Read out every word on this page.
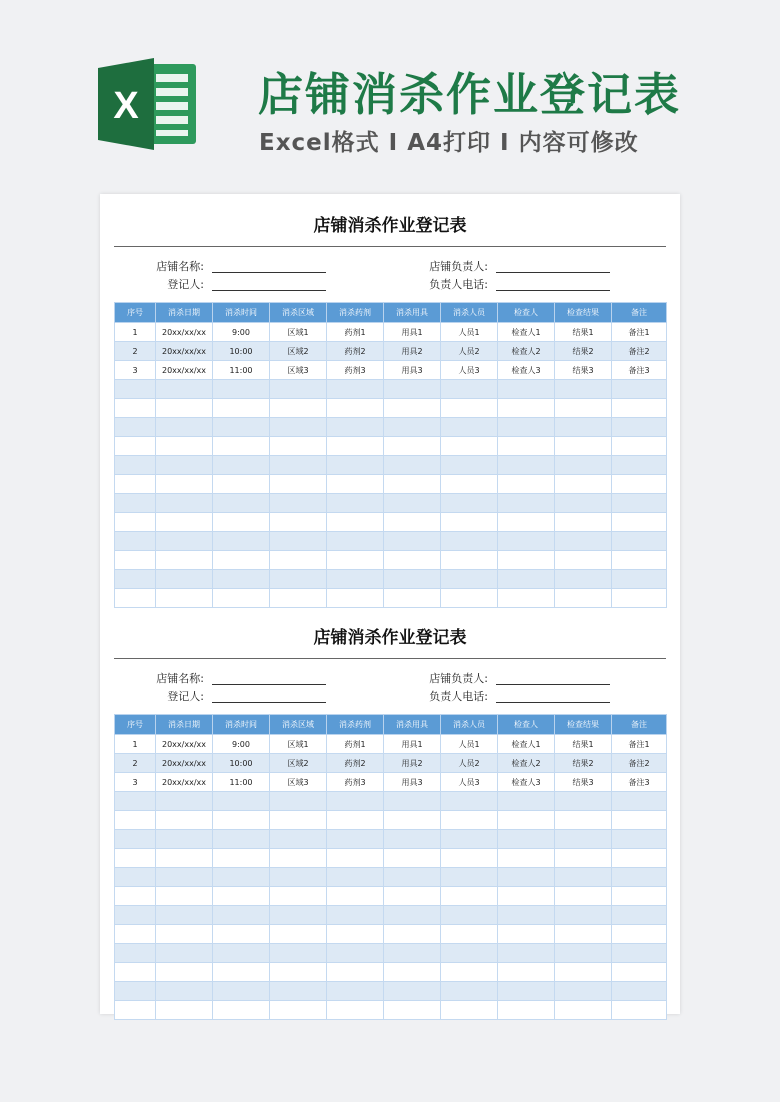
X	店铺消杀作业登记表
Excel格式 I A4打印 I 内容可修改
店铺消杀作业登记表
店铺名称:
登记人:
店铺负责人:
负责人电话:
序号	消杀日期	消杀时间	消杀区域	消杀药剂	消杀用具	消杀人员	检查人	检查结果	备注
1	20xx/xx/xx	9:00	区域1	药剂1	用具1	人员1	检查人1	结果1	备注1
2	20xx/xx/xx	10:00	区域2	药剂2	用具2	人员2	检查人2	结果2	备注2
3	20xx/xx/xx	11:00	区域3	药剂3	用具3	人员3	检查人3	结果3	备注3

店铺消杀作业登记表
店铺名称:
登记人:
店铺负责人:
负责人电话:
序号	消杀日期	消杀时间	消杀区域	消杀药剂	消杀用具	消杀人员	检查人	检查结果	备注
1	20xx/xx/xx	9:00	区域1	药剂1	用具1	人员1	检查人1	结果1	备注1
2	20xx/xx/xx	10:00	区域2	药剂2	用具2	人员2	检查人2	结果2	备注2
3	20xx/xx/xx	11:00	区域3	药剂3	用具3	人员3	检查人3	结果3	备注3
